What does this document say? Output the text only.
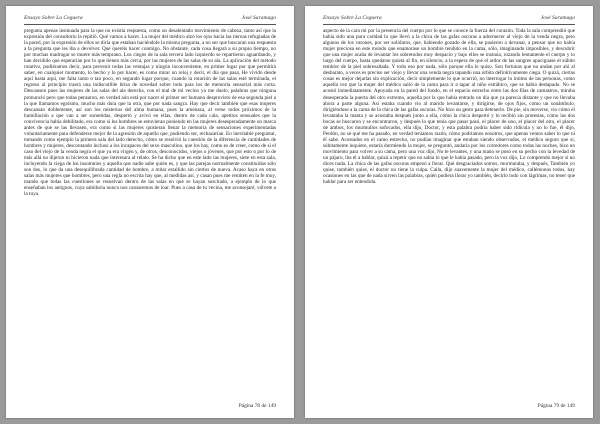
Ensayo Sobre La Ceguera	José Saramago

pregunta apenas insinuada para la que no existía respuesta, como un desalentado movimiento de cabeza, tanto así que la expresión del consultorio la repitió. Qué vamos a hacer. La mujer del médico alzó los ojos hacia las tiernas refugiadas de la pared, por la expresión de ellos se diría que estaban haciéndole la misma pregunta, a no ser que buscaran una respuesta a la pregunta que les iba a devolver. Qué queréis hacer conmigo. No obstante, cada cosa llegará a su propio tiempo, no por muchas madrugar se muere más temprano. Los ciegos de la sala tercera lado izquierdo se repartieron aguardando, y han decidido que esperarían por lo que tienen más cerca, por las mujeres de las salas de su ala. La aplicación del método rotativo, pudiéramos decir, para prevenir todas las ventajas y ningún inconveniente, en primer lugar por que permitirá saber, en cualquier momento, lo hecho y lo por hacer, es como mirar un reloj y decir, el día que pasa, He vivido desde aquí hasta aquí, me falta tanto o tan poco, en segundo lugar porque, cuando la rotación de las salas esté terminada, el regreso al principio traerá una indiscutible brisa de novedad sobre todo para los de memoria sensorial más corta. Descansen pues las mujeres de las salas del ala derecha, con el mal de mi vecino yo me duelo, palabras que ninguna pronunció pero que todas pensaron, en verdad aún está por nacer el primer ser humano desprovisto de esa segunda piel a la que llamamos egoísmo, mucho más dura que la otra, que por nada sangra. Hay que decir también que esas mujeres descansan doblemente, así son los misterios del alma humana, pues la amenaza, al verse todos próximos de la humillación a que van a ser sometidas, despertó y avivó en ellas, dentro de cada cala, apetitos sensuales que la convivencia había debilitado, era como si los hombres se estuvieran poniendo en las mujeres desesperadamente un marca antes de que se las llevasen, era como si las mujeres quisieran llenar la memoria de sensaciones experimentadas voluntariamente para defenderse mejor de la agresión de aquello que, pudiendo ser, rechazarían. En inevitable preguntar, tomando como ejemplo la primera sala del lado derecho, cómo se resolvió la cuestión de la diferencia de cantidades de hombres y mujeres, descontando incluso a los incapaces del sexo masculino, que los hay, como es de creer, como de sí el caso del viejo de la venda negra el que ya era virgen y, de otros, desconocidos, viejos o jóvenes, que por esto o por lo de más allá no dijeron ni hicieron nada que interesara al relato. Se ha dicho que en este lado las mujeres, siete en esta sala, incluyendo la ciega de los insomnios y aquella que nadie sabe quién es, y que las parejas normalmente constituidas sólo son dos, lo que da una desequilibrada cantidad de hombre, a mitar estallido sin ciertos de nueva. Acaso haya en otras salas más mujeres que hombres, pero una regla no escrita hay que, al medidas así, y casan pues me remiten en la fe muy, mando que todas las cuestiones se resuelvan dentro de las salas en que se hayan suscitado, a ejemplo de lo que enseñaban los antiguos, cuya sabiduría nunca nos cansaremos de loar. Pues a casa de tu vecina, me aconsejaré, vólvete a la tuya.

Página 78 de 149
Ensayo Sobre La Ceguera	José Saramago

aspecto de la cara mi por la presencia del cuerpo por lo que se conoce la fuerza del corazón. Toda la sala comprendió que había sido una pura caridad lo que llevó a la chica de las gafas oscuras a adormecer al viejo de la venda negra, pero algunos de los varones, por ser solidaros, que, habiendo gozado de ella, se pusieron a devanar, a pensar que no había mujer preciosa en este mundo que enamorase un hombre tendido en la cama, sólo, imaginando imposibles, y descubrir que una mujer acaba de levantar los sobretodos muy despacio y bajo ellos se insinúa, rozando lentamente el cuerpo y lo largo del cuerpo, hasta quedarse quieta al fin, en silencio, a la espera de que el ardor de las sangres apaciguase el súbito temblor de la piel sobresaltada. Y todo eso por nada, sólo porque ella lo quiso. Son fortunas que no andan por ahí al desbarato, a veces es preciso ser viejo y llevar una venda negra tapando una órbita definitivamente ciega. O quizá, ciertas cosas es mejor dejarlas sin explicación, decir simplemente lo que ocurrió, no interrogar lo íntimo de las personas, como aquella vez que la mujer del médico salió de la cama para ir a tapar al niño estrábico, que se había destapado. No se acostó inmediatamente. Apoyada en la pared del fondo, en el espacio estrecho entre las dos filas de camastros, miraba desesperada la puerta del otro extremo, aquella por la que había entrado un día que ya parecía distante y que no llevaba ahora a parte alguna. Así estaba cuando vio al marido levantarse, y dirigirse, de ojos fijos, como un sonámbulo, dirigiéndose a la cama de la chica de las gafas oscuras. No hizo un gesto para detenerlo. De pie, sin moverse, vio cómo él levantaba la manta y se acostaba después junto a ella, cómo la chica despertó y lo recibió sin protestas, cómo las dos bocas se buscaron y se encontraron, y después lo que tenía que pasar pasó, el placer de uno, el placer del otro, el placer de ambos, los murmullos sofocados, ella dijo, Doctor, y esta palabra podría haber sido ridícula y no lo fue, él dijo, Perdón, no sé qué me ha pasado, en verdad teníamos razón, cómo podríamos nosotros, que apenas vemos saber lo que ni él sabe. Acostados en el camo estrecho, no podían imaginar que estaban siendo observados, el médico seguro que sí, súbitamente inquieto, estaría durmiendo la mujer, se preguntó, andaría por los corredores como todas las noches, hizo un movimiento para volver a su cama, pero una voz dijo, No te levantes, y una mano se posó en su pecho con la levedad de un pájaro, iba él a hablar, quizá a repetir que no sabía lo que le había pasado, pero la voz dijo, Lo comprendo mejor si no dices nada. La chica de las gafas oscuras empezó a llorar. Qué desgraciados somos, murmuraba, y después, También yo quise, también quise, el doctor no tiene la culpa. Calla, dijo suavemente la mujer del médico, callémonos todos, hay ocasiones en las que de nada sirven las palabras, quién pudiera llorar yo también, decirlo todo con lágrimas, no tener que hablar para ser entendida.

Página 79 de 149
